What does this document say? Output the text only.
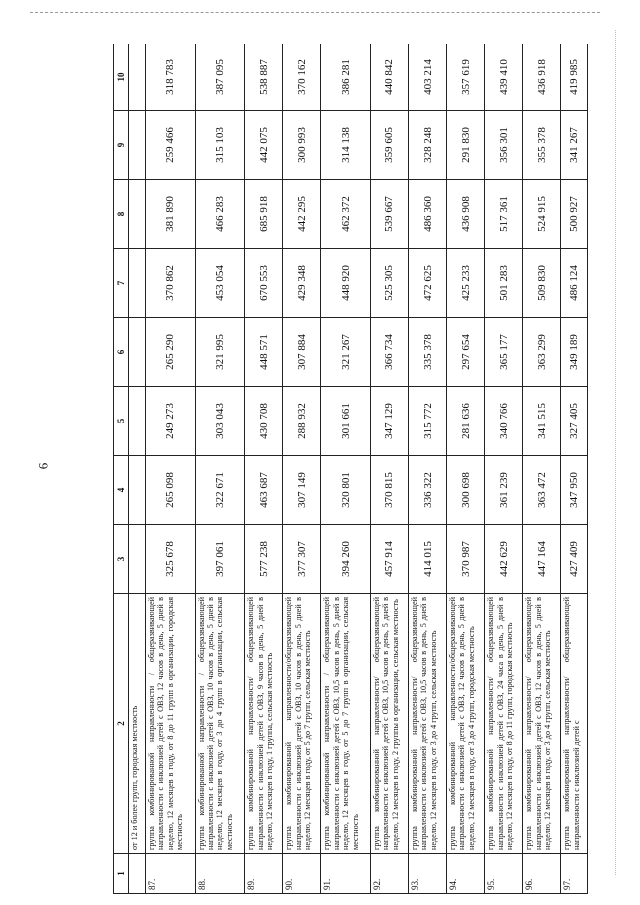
6
1	2	3	4	5	6	7	8	9	10
	от 12 и более групп, городская местность								
87.	группа комбинированной направленности / общеразвивающей направленности с инклюзией детей с ОВЗ, 12 часов в день, 5 дней в неделю, 12 месяцев в году, от 8 до 11 групп в организации, городская местность	325 678	265 098	249 273	265 290	370 862	381 890	259 466	318 783
88.	группа комбинированной направленности / общеразвивающей направленности с инклюзией детей с ОВЗ, 10 часов в день, 5 дней в неделю, 12 месяцев в году, от 3 до 4 групп в организации, сельская местность	397 061	322 671	303 043	321 995	453 054	466 283	315 103	387 095
89.	группа комбинированной направленности/ общеразвивающей направленности с инклюзией детей с ОВЗ, 9 часов в день, 5 дней в неделю, 12 месяцев в году, 1 группа, сельская местность	577 238	463 687	430 708	448 571	670 553	685 918	442 075	538 887
90.	группа комбинированной направленности/общеразвивающей направленности с инклюзией детей с ОВЗ, 10 часов в день, 5 дней в неделю, 12 месяцев в году, от 5 до 7 групп, сельская местность	377 307	307 149	288 932	307 884	429 348	442 295	300 993	370 162
91.	группа комбинированной направленности / общеразвивающей направленности с инклюзией детей с ОВЗ, 10,5 часов в день, 5 дней в неделю, 12 месяцев в году, от 5 до 7 групп в организации, сельская местность	394 260	320 801	301 661	321 267	448 920	462 372	314 138	386 281
92.	группа комбинированной направленности/ общеразвивающей направленности с инклюзией детей с ОВЗ, 10,5 часов в день, 5 дней в неделю, 12 месяцев в году, 2 группы в организации, сельская местность	457 914	370 815	347 129	366 734	525 305	539 667	359 605	440 842
93.	группа комбинированной направленности/ общеразвивающей направленности с инклюзией детей с ОВЗ, 10,5 часов в день, 5 дней в неделю, 12 месяцев в году, от 3 до 4 групп, сельская местность	414 015	336 322	315 772	335 378	472 625	486 360	328 248	403 214
94.	группа комбинированной направленности/общеразвивающей направленности с инклюзией детей с ОВЗ, 12 часов в день, 5 дней в неделю, 12 месяцев в году, от 3 до 4 групп, городская местность	370 987	300 698	281 636	297 654	425 233	436 908	291 830	357 619
95.	группа комбинированной направленности/ общеразвивающей направленности с инклюзией детей с ОВЗ, 24 часа в день, 5 дней в неделю, 12 месяцев в году, от 8 до 11 групп, городская местность	442 629	361 239	340 766	365 177	501 283	517 361	356 301	439 410
96.	группа комбинированной направленности/ общеразвивающей направленности с инклюзией детей с ОВЗ, 12 часов в день, 5 дней в неделю, 12 месяцев в году, от 3 до 4 групп, сельская местность	447 164	363 472	341 515	363 299	509 830	524 915	355 378	436 918
97.	группа комбинированной направленности/ общеразвивающей направленности с инклюзией детей с	427 409	347 950	327 405	349 189	486 124	500 927	341 267	419 985
